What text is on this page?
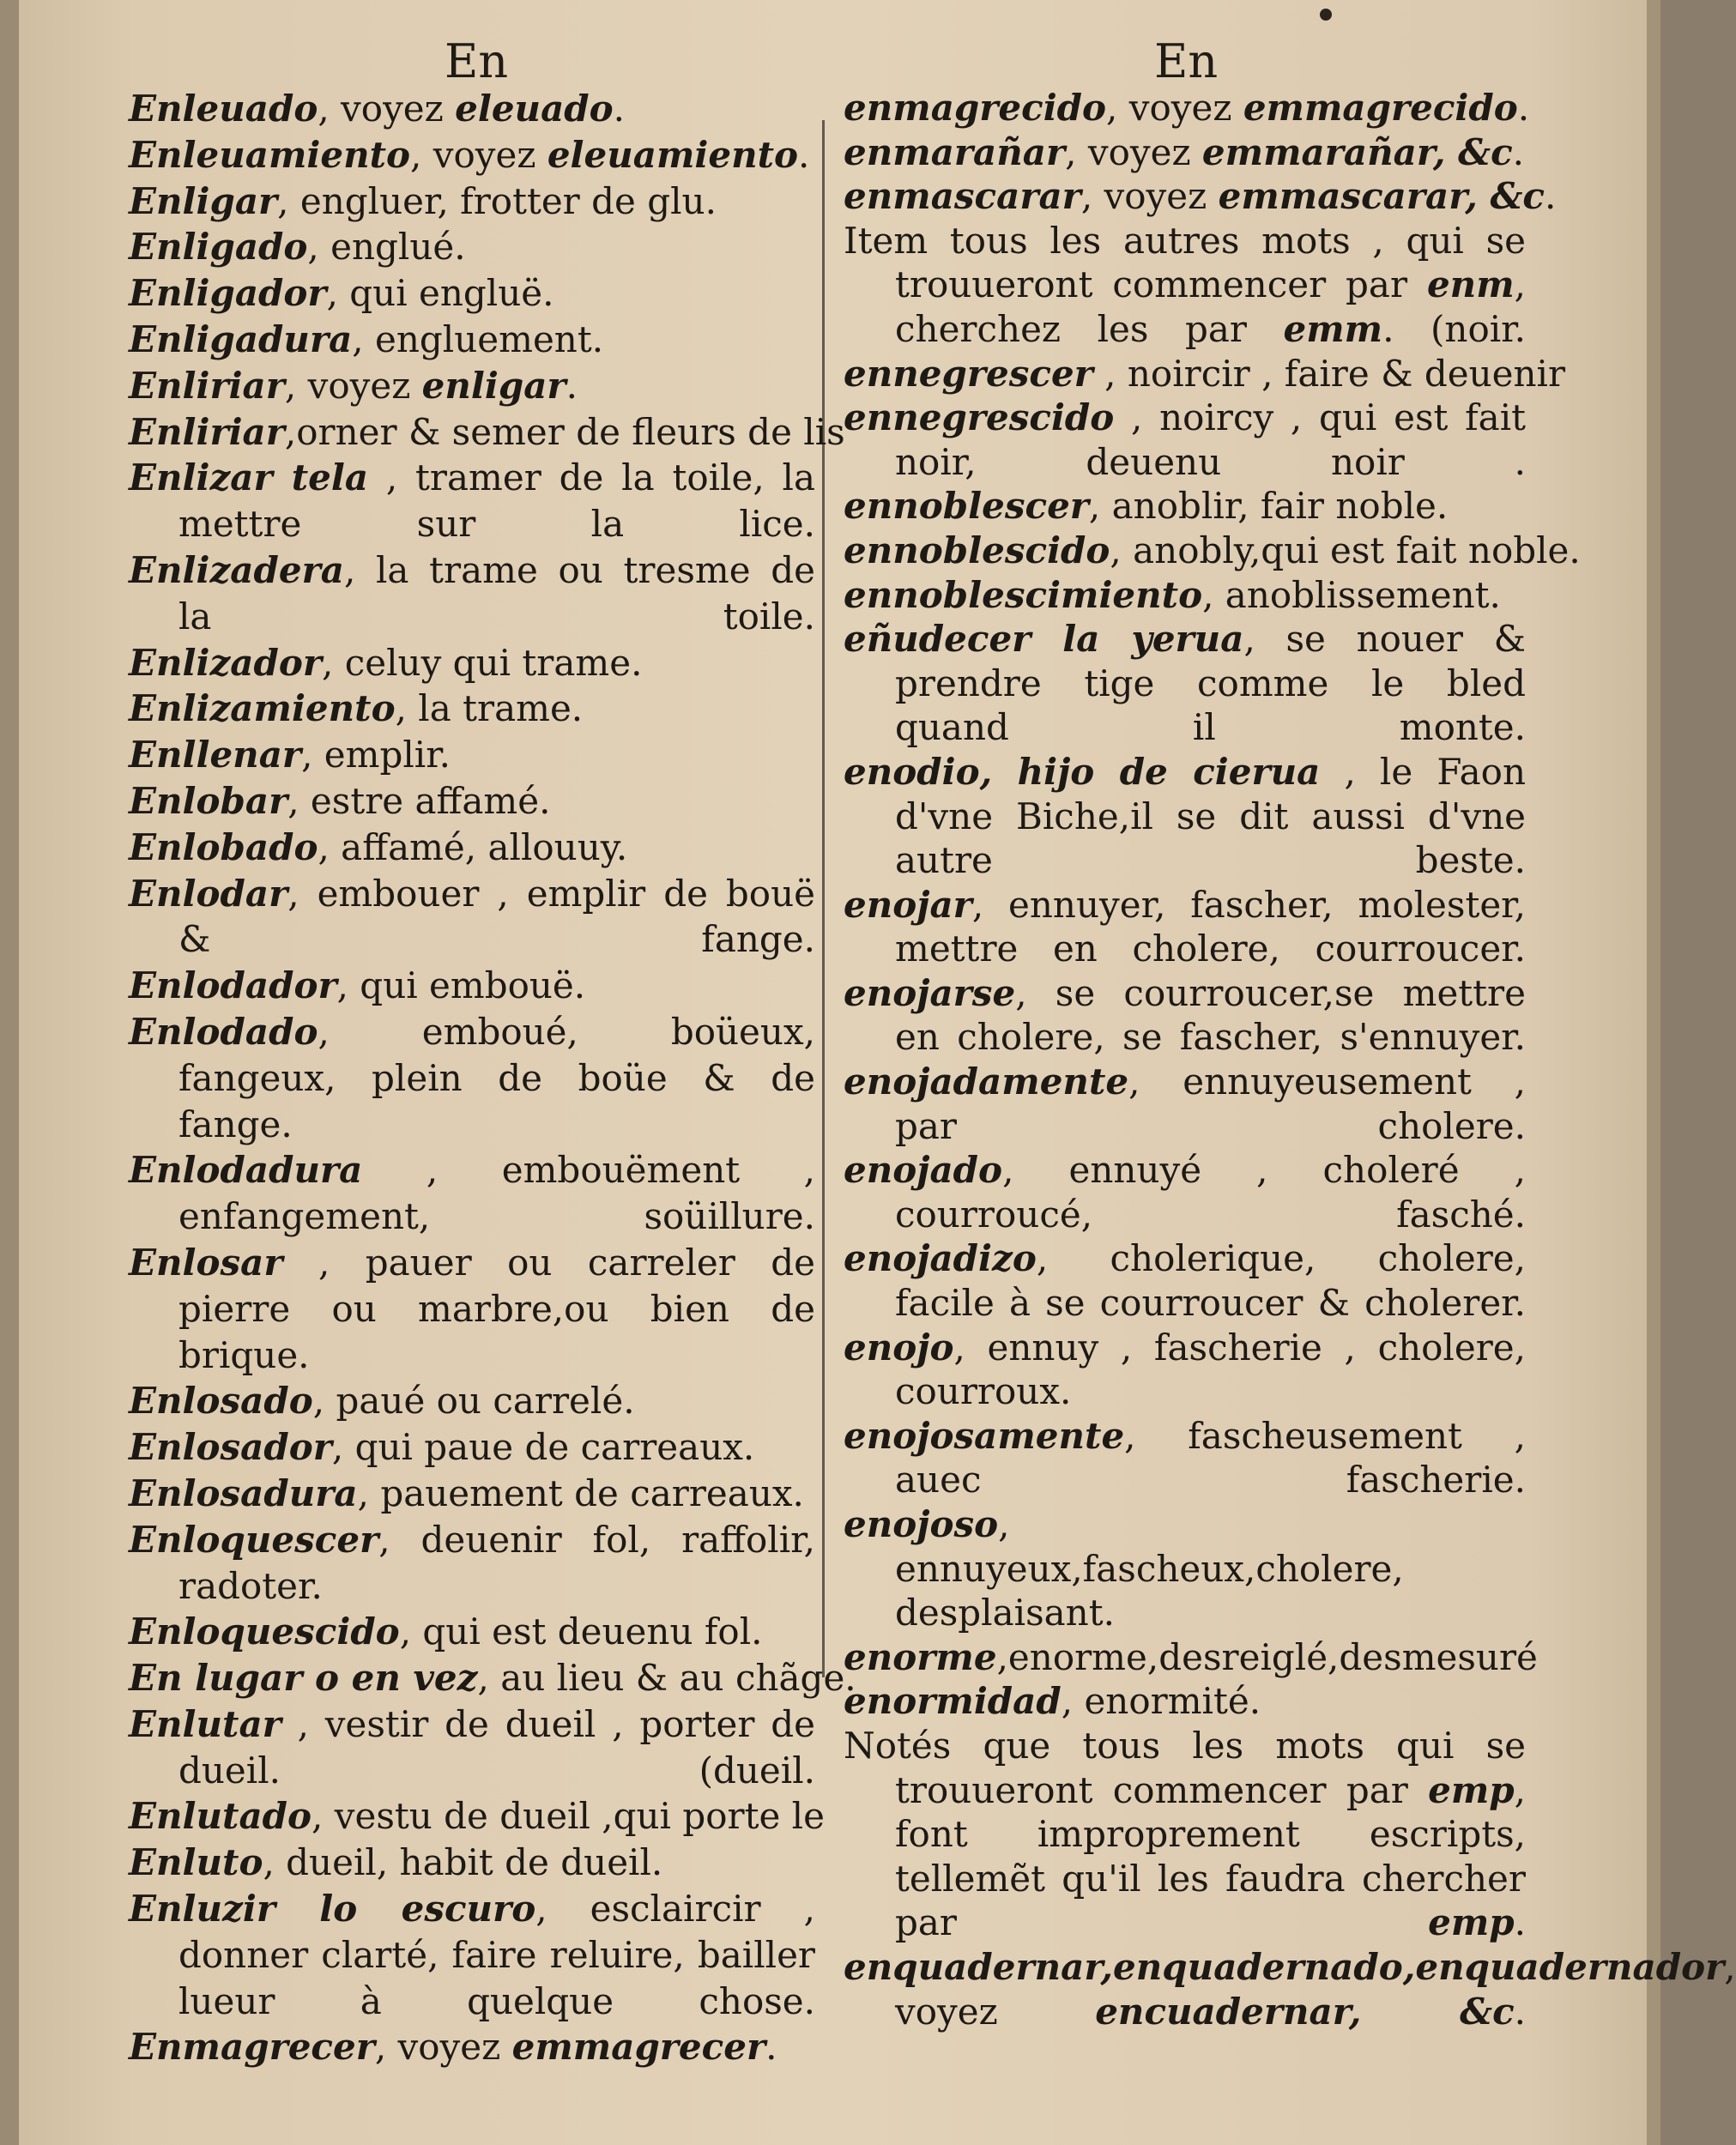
En	En
Enleuado, voyez eleuado.
Enleuamiento, voyez eleuamiento.
Enligar, engluer, frotter de glu.
Enligado, englué.
Enligador, qui engluë.
Enligadura, engluement.
Enliriar, voyez enligar.
Enliriar,orner & semer de fleurs de lis
Enlizar tela , tramer de la toile, la mettre sur la lice.
Enlizadera, la trame ou tresme de la toile.
Enlizador, celuy qui trame.
Enlizamiento, la trame.
Enllenar, emplir.
Enlobar, estre affamé.
Enlobado, affamé, allouuy.
Enlodar, embouer , emplir de bouë & fange.
Enlodador, qui embouë.
Enlodado, emboué, boüeux, fangeux, plein de boüe & de fange.
Enlodadura , embouëment , enfangement, soüillure.
Enlosar , pauer ou carreler de pierre ou marbre,ou bien de brique.
Enlosado, paué ou carrelé.
Enlosador, qui paue de carreaux.
Enlosadura, pauement de carreaux.
Enloquescer, deuenir fol, raffolir, radoter.
Enloquescido, qui est deuenu fol.
En lugar o en vez, au lieu & au chãge.
Enlutar , vestir de dueil , porter de dueil.	(dueil.
Enlutado, vestu de dueil ,qui porte le
Enluto, dueil, habit de dueil.
Enluzir lo escuro, esclaircir , donner clarté, faire reluire, bailler lueur à quelque chose.
Enmagrecer, voyez emmagrecer.
enmagrecido, voyez emmagrecido.
enmarañar, voyez emmarañar, &c.
enmascarar, voyez emmascarar, &c.
Item tous les autres mots , qui se trouueront commencer par enm, cherchez les par emm. (noir.
ennegrescer , noircir , faire & deuenir
ennegrescido , noircy , qui est fait noir, deuenu noir .
ennoblescer, anoblir, fair noble.
ennoblescido, anobly,qui est fait noble.
ennoblescimiento, anoblissement.
eñudecer la yerua, se nouer & prendre tige comme le bled quand il monte.
enodio, hijo de cierua , le Faon d'vne Biche,il se dit aussi d'vne autre beste.
enojar, ennuyer, fascher, molester, mettre en cholere, courroucer.
enojarse, se courroucer,se mettre en cholere, se fascher, s'ennuyer.
enojadamente, ennuyeusement , par cholere.
enojado, ennuyé , choleré , courroucé, fasché.
enojadizo, cholerique, cholere, facile à se courroucer & cholerer.
enojo, ennuy , fascherie , cholere, courroux.
enojosamente, fascheusement , auec fascherie.
enojoso, ennuyeux,fascheux,cholere, desplaisant.
enorme,enorme,desreiglé,desmesuré
enormidad, enormité.
Notés que tous les mots qui se trouueront commencer par emp, font improprement escripts, tellemẽt qu'il les faudra chercher par emp.
enquadernar,enquadernado,enquadernador, voyez encuadernar, &c.
